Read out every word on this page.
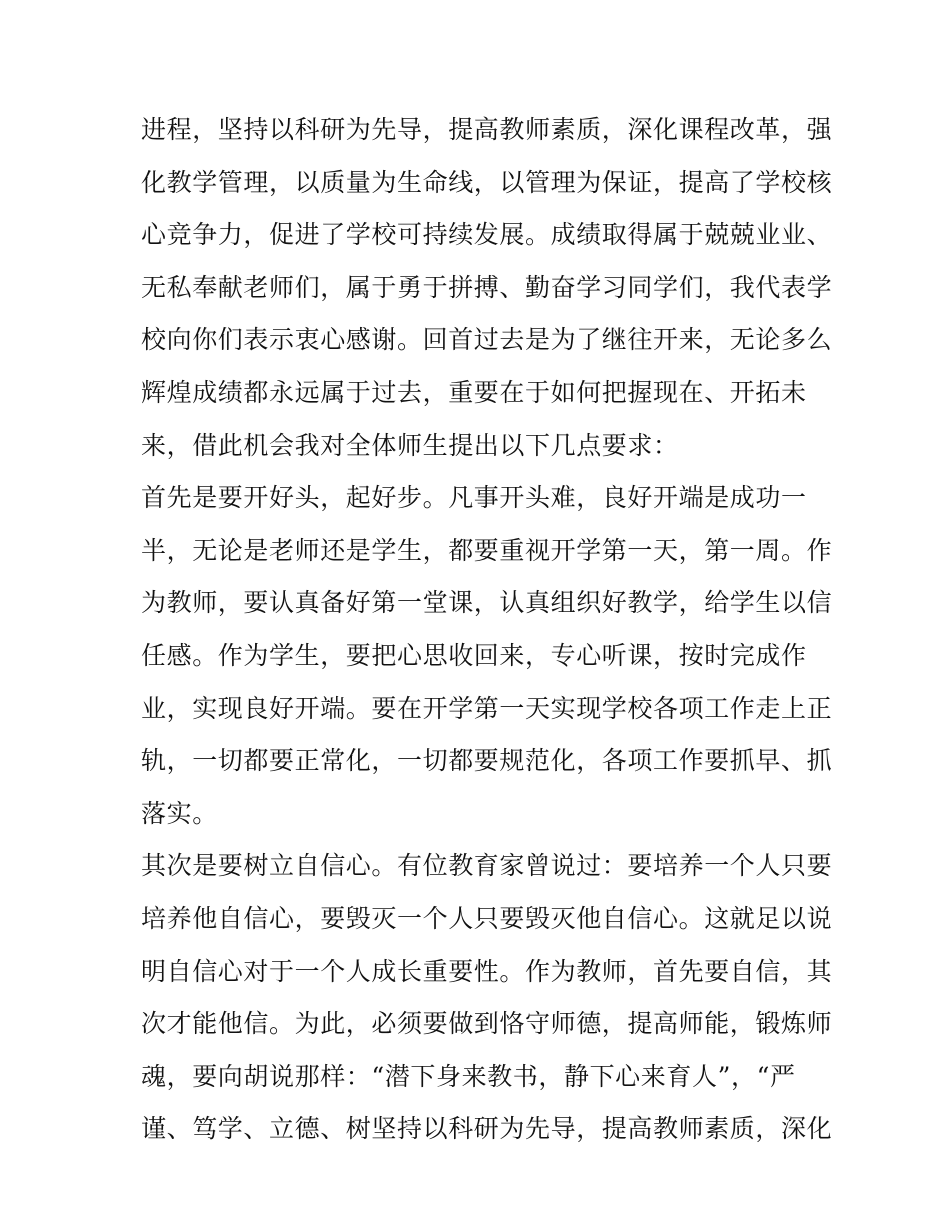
进程，坚持以科研为先导，提高教师素质，深化课程改革，强
化教学管理，以质量为生命线，以管理为保证，提高了学校核
心竞争力，促进了学校可持续发展。成绩取得属于兢兢业业、
无私奉献老师们，属于勇于拼搏、勤奋学习同学们，我代表学
校向你们表示衷心感谢。回首过去是为了继往开来，无论多么
辉煌成绩都永远属于过去，重要在于如何把握现在、开拓未
来，借此机会我对全体师生提出以下几点要求：
首先是要开好头，起好步。凡事开头难，良好开端是成功一
半，无论是老师还是学生，都要重视开学第一天，第一周。作
为教师，要认真备好第一堂课，认真组织好教学，给学生以信
任感。作为学生，要把心思收回来，专心听课，按时完成作
业，实现良好开端。要在开学第一天实现学校各项工作走上正
轨，一切都要正常化，一切都要规范化，各项工作要抓早、抓
落实。
其次是要树立自信心。有位教育家曾说过：要培养一个人只要
培养他自信心，要毁灭一个人只要毁灭他自信心。这就足以说
明自信心对于一个人成长重要性。作为教师，首先要自信，其
次才能他信。为此，必须要做到恪守师德，提高师能，锻炼师
魂，要向胡说那样：“潜下身来教书，静下心来育人”，“严
谨、笃学、立德、树坚持以科研为先导，提高教师素质，深化
